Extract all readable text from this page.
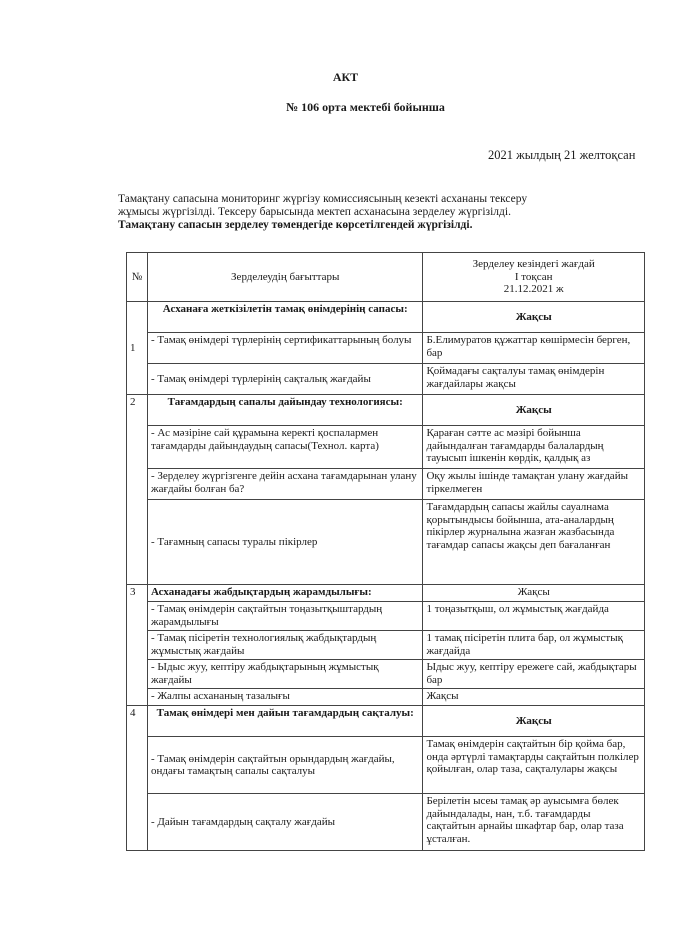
АКТ
№ 106 орта мектебі бойынша
2021 жылдың 21 желтоқсан
Тамақтану сапасына мониторинг жүргізу комиссиясының кезекті асхананы тексеру
жұмысы жүргізілді. Тексеру барысында мектеп асханасына зерделеу жүргізілді.
Тамақтану сапасын зерделеу төмендегіде көрсетілгендей жүргізілді.
№	Зерделеудің бағыттары	Зерделеу кезіндегі жағдай
I тоқсан
21.12.2021 ж

1	Асханаға жеткізілетін тамақ өнімдерінің сапасы:	Жақсы
	- Тамақ өнімдері түрлерінің сертификаттарының болуы	Б.Елимуратов құжаттар көшірмесін берген, бар
	- Тамақ өнімдері түрлерінің сақталық жағдайы	Қоймадағы сақталуы тамақ өнімдерін жағдайлары жақсы
2	Тағамдардың сапалы дайындау технологиясы:	Жақсы
	- Ас мәзіріне сай құрамына керекті қоспалармен тағамдарды дайындаудың сапасы(Технол. карта)	Қараған сәтте ас мәзірі бойынша дайындалған тағамдарды балалардың тауысып ішкенін көрдік, қалдық аз
	- Зерделеу жүргізгенге дейін асхана тағамдарынан улану жағдайы болған ба?	Оқу жылы ішінде тамақтан улану жағдайы тіркелмеген
	- Тағамның сапасы туралы пікірлер	Тағамдардың сапасы жайлы сауалнама қорытындысы бойынша, ата-аналардың пікірлер журналына жазған жазбасында тағамдар сапасы жақсы деп бағаланған
3	Асханадағы жабдықтардың жарамдылығы:	Жақсы
	- Тамақ өнімдерін сақтайтын тоңазытқыштардың жарамдылығы	1 тоңазытқыш, ол жұмыстық жағдайда
	- Тамақ пісіретін технологиялық жабдықтардың жұмыстық жағдайы	1 тамақ пісіретін плита бар, ол жұмыстық жағдайда
	- Ыдыс жуу, кептіру жабдықтарының жұмыстық жағдайы	Ыдыс жуу, кептіру ережеге сай, жабдықтары бар
	- Жалпы асхананың тазалығы	Жақсы
4	Тамақ өнімдері мен дайын тағамдардың сақталуы:	Жақсы
	- Тамақ өнімдерін сақтайтын орындардың жағдайы, ондағы тамақтың сапалы сақталуы	Тамақ өнімдерін сақтайтын бір қойма бар, онда әртүрлі тамақтарды сақтайтын полкілер қойылған, олар таза, сақталулары жақсы
	- Дайын тағамдардың сақталу жағдайы	Берілетін ысеы тамақ әр ауысымға бөлек дайындалады, нан, т.б. тағамдарды сақтайтын арнайы шкафтар бар, олар таза ұсталған.
